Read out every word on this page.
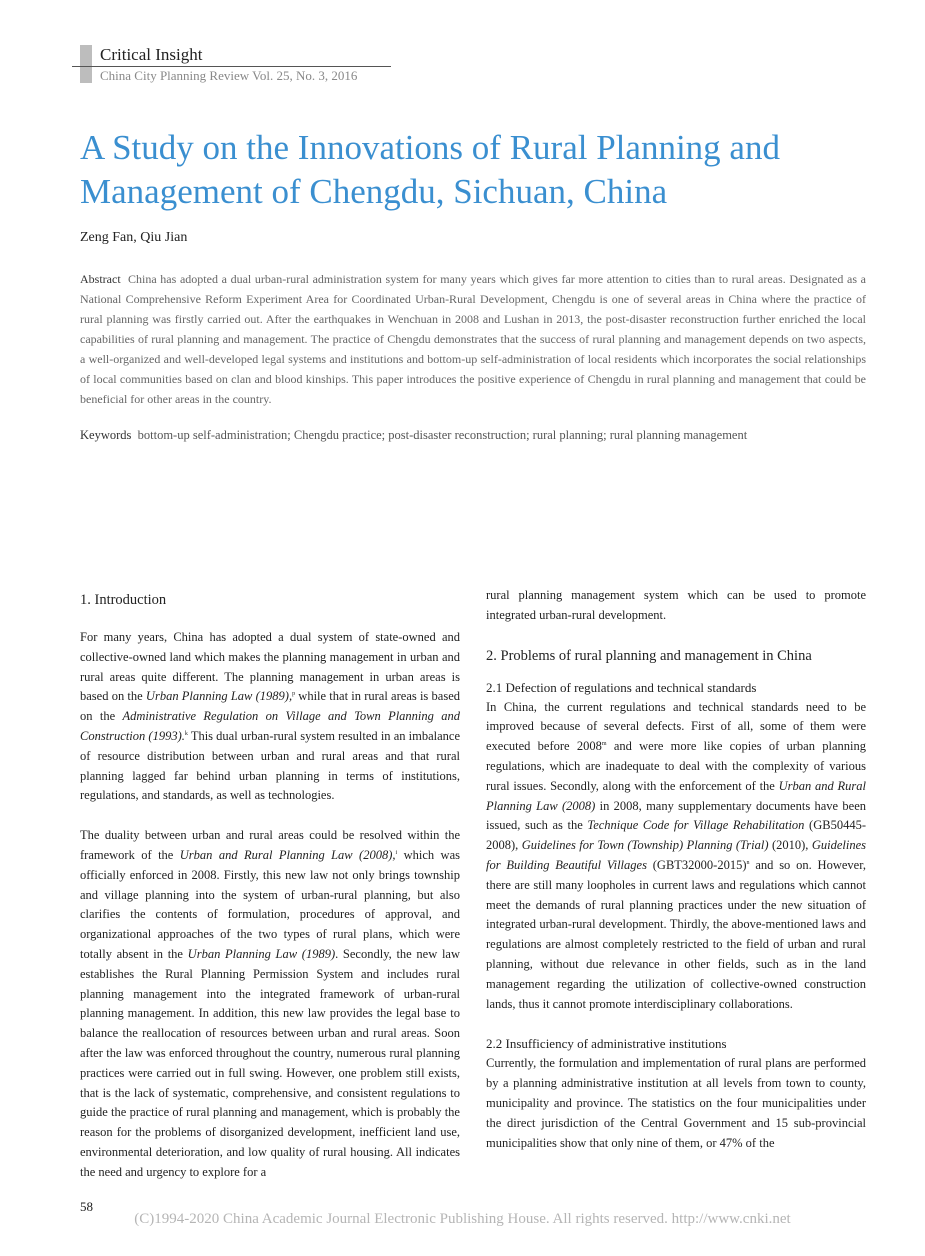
Critical Insight
China City Planning Review Vol. 25, No. 3, 2016
A Study on the Innovations of Rural Planning and Management of Chengdu, Sichuan, China
Zeng Fan, Qiu Jian
Abstract China has adopted a dual urban-rural administration system for many years which gives far more attention to cities than to rural areas. Designated as a National Comprehensive Reform Experiment Area for Coordinated Urban-Rural Development, Chengdu is one of several areas in China where the practice of rural planning was firstly carried out. After the earthquakes in Wenchuan in 2008 and Lushan in 2013, the post-disaster reconstruction further enriched the local capabilities of rural planning and management. The practice of Chengdu demonstrates that the success of rural planning and management depends on two aspects, a well-organized and well-developed legal systems and institutions and bottom-up self-administration of local residents which incorporates the social relationships of local communities based on clan and blood kinships. This paper introduces the positive experience of Chengdu in rural planning and management that could be beneficial for other areas in the country.
Keywords bottom-up self-administration; Chengdu practice; post-disaster reconstruction; rural planning; rural planning management
1. Introduction

For many years, China has adopted a dual system of state-owned and collective-owned land which makes the planning management in urban and rural areas quite different. The planning management in urban areas is based on the Urban Planning Law (1989),$^p$ while that in rural areas is based on the Administrative Regulation on Village and Town Planning and Construction (1993).$^k$ This dual urban-rural system resulted in an imbalance of resource distribution between urban and rural areas and that rural planning lagged far behind urban planning in terms of institutions, regulations, and standards, as well as technologies.

The duality between urban and rural areas could be resolved within the framework of the Urban and Rural Planning Law (2008),$^i$ which was officially enforced in 2008. Firstly, this new law not only brings township and village planning into the system of urban-rural planning, but also clarifies the contents of formulation, procedures of approval, and organizational approaches of the two types of rural plans, which were totally absent in the Urban Planning Law (1989). Secondly, the new law establishes the Rural Planning Permission System and includes rural planning management into the integrated framework of urban-rural planning management. In addition, this new law provides the legal base to balance the reallocation of resources between urban and rural areas. Soon after the law was enforced throughout the country, numerous rural planning practices were carried out in full swing. However, one problem still exists, that is the lack of systematic, comprehensive, and consistent regulations to guide the practice of rural planning and management, which is probably the reason for the problems of disorganized development, inefficient land use, environmental deterioration, and low quality of rural housing. All indicates the need and urgency to explore for a

rural planning management system which can be used to promote integrated urban-rural development.

2. Problems of rural planning and management in China
2.1 Defection of regulations and technical standards

In China, the current regulations and technical standards need to be improved because of several defects. First of all, some of them were executed before 2008$^m$ and were more like copies of urban planning regulations, which are inadequate to deal with the complexity of various rural issues. Secondly, along with the enforcement of the Urban and Rural Planning Law (2008) in 2008, many supplementary documents have been issued, such as the Technique Code for Village Rehabilitation (GB50445-2008), Guidelines for Town (Township) Planning (Trial) (2010), Guidelines for Building Beautiful Villages $(GBT32000-2015)^n$ and so on. However, there are still many loopholes in current laws and regulations which cannot meet the demands of rural planning practices under the new situation of integrated urban-rural development. Thirdly, the above-mentioned laws and regulations are almost completely restricted to the field of urban and rural planning, without due relevance in other fields, such as in the land management regarding the utilization of collective-owned construction lands, thus it cannot promote interdisciplinary collaborations.

2.2 Insufficiency of administrative institutions

Currently, the formulation and implementation of rural plans are performed by a planning administrative institution at all levels from town to county, municipality and province. The statistics on the four municipalities under the direct jurisdiction of the Central Government and 15 sub-provincial municipalities show that only nine of them, or 47% of the

58
(C)1994-2020 China Academic Journal Electronic Publishing House. All rights reserved. http://www.cnki.net
